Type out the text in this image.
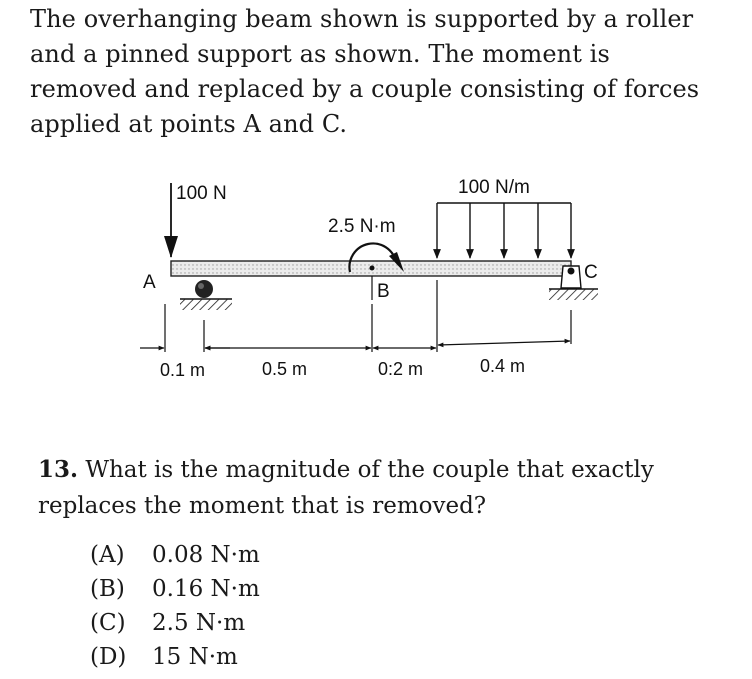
The overhanging beam shown is supported by a roller and a pinned support as shown. The moment is removed and replaced by a couple consisting of forces applied at points A and C.

100 N
A
100 N/m
2.5 N·m
B
C
0.1 m	0.5 m	0:2 m	0.4 m

13. What is the magnitude of the couple that exactly replaces the moment that is removed?

(A)	0.08 N·m
(B)	0.16 N·m
(C)	2.5 N·m
(D)	15 N·m
